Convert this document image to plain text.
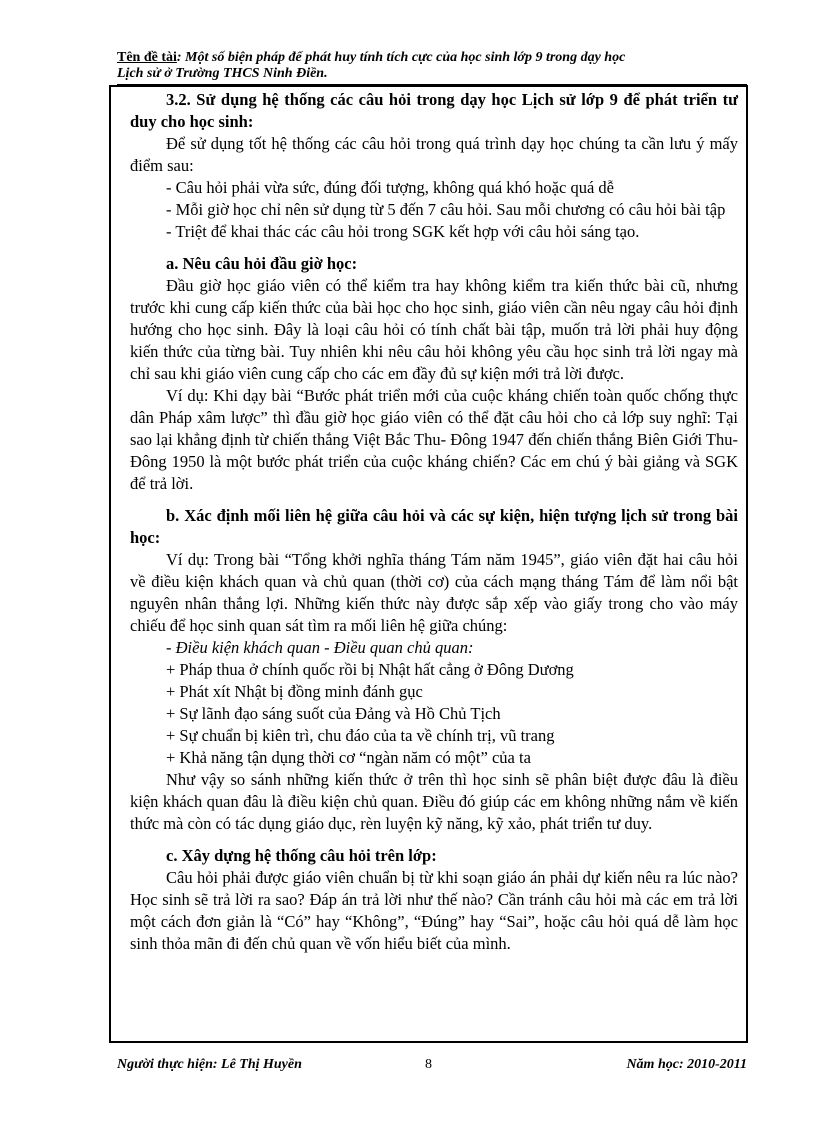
Tên đề tài: Một số biện pháp để phát huy tính tích cực của học sinh lớp 9 trong dạy học
Lịch sử ở Trường THCS Ninh Điền.

3.2. Sử dụng hệ thống các câu hỏi trong dạy học Lịch sử lớp 9 để phát triển tư duy cho học sinh:

Để sử dụng tốt hệ thống các câu hỏi trong quá trình dạy học chúng ta cần lưu ý mấy điểm sau:

- Câu hỏi phải vừa sức, đúng đối tượng, không quá khó hoặc quá dễ

- Mỗi giờ học chỉ nên sử dụng từ 5 đến 7 câu hỏi. Sau mỗi chương có câu hỏi bài tập

- Triệt để khai thác các câu hỏi trong SGK kết hợp với câu hỏi sáng tạo.

a. Nêu câu hỏi đầu giờ học:

Đầu giờ học giáo viên có thể kiểm tra hay không kiểm tra kiến thức bài cũ, nhưng trước khi cung cấp kiến thức của bài học cho học sinh, giáo viên cần nêu ngay câu hỏi định hướng cho học sinh. Đây là loại câu hỏi có tính chất bài tập, muốn trả lời phải huy động kiến thức của từng bài. Tuy nhiên khi nêu câu hỏi không yêu cầu học sinh trả lời ngay mà chỉ sau khi giáo viên cung cấp cho các em đầy đủ sự kiện mới trả lời được.

Ví dụ: Khi dạy bài “Bước phát triển mới của cuộc kháng chiến toàn quốc chống thực dân Pháp xâm lược” thì đầu giờ học giáo viên có thể đặt câu hỏi cho cả lớp suy nghĩ: Tại sao lại khẳng định từ chiến thắng Việt Bắc Thu- Đông 1947 đến chiến thắng Biên Giới Thu- Đông 1950 là một bước phát triển của cuộc kháng chiến? Các em chú ý bài giảng và SGK để trả lời.

b. Xác định mối liên hệ giữa câu hỏi và các sự kiện, hiện tượng lịch sử trong bài học:

Ví dụ: Trong bài “Tổng khởi nghĩa tháng Tám năm 1945”, giáo viên đặt hai câu hỏi về điều kiện khách quan và chủ quan (thời cơ) của cách mạng tháng Tám để làm nổi bật nguyên nhân thắng lợi. Những kiến thức này được sắp xếp vào giấy trong cho vào máy chiếu để học sinh quan sát tìm ra mối liên hệ giữa chúng:

- Điều kiện khách quan - Điều quan chủ quan:

+ Pháp thua ở chính quốc rồi bị Nhật hất cẳng ở Đông Dương

+ Phát xít Nhật bị đồng minh đánh gục

+ Sự lãnh đạo sáng suốt của Đảng và Hồ Chủ Tịch

+ Sự chuẩn bị kiên trì, chu đáo của ta về chính trị, vũ trang

+ Khả năng tận dụng thời cơ “ngàn năm có một” của ta

Như vậy so sánh những kiến thức ở trên thì học sinh sẽ phân biệt được đâu là điều kiện khách quan đâu là điều kiện chủ quan. Điều đó giúp các em không những nắm về kiến thức mà còn có tác dụng giáo dục, rèn luyện kỹ năng, kỹ xảo, phát triển tư duy.

c. Xây dựng hệ thống câu hỏi trên lớp:

Câu hỏi phải được giáo viên chuẩn bị từ khi soạn giáo án phải dự kiến nêu ra lúc nào? Học sinh sẽ trả lời ra sao? Đáp án trả lời như thế nào? Cần tránh câu hỏi mà các em trả lời một cách đơn giản là “Có” hay “Không”, “Đúng” hay “Sai”, hoặc câu hỏi quá dễ làm học sinh thỏa mãn đi đến chủ quan về vốn hiểu biết của mình.

Người thực hiện: Lê Thị Huyền	8	Năm học: 2010-2011
